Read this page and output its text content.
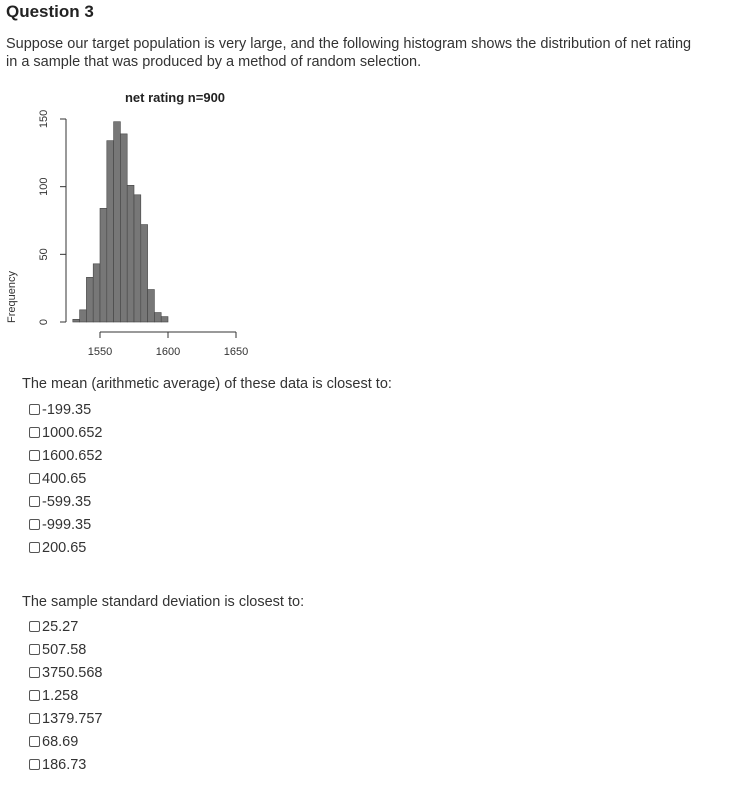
Question 3

Suppose our target population is very large, and the following histogram shows the distribution of net rating in a sample that was produced by a method of random selection.

net rating n=900
Frequency 0
50
100
150
1550	1600	1650

The mean (arithmetic average) of these data is closest to:

-199.35
1000.652
1600.652
400.65
-599.35
-999.35
200.65

The sample standard deviation is closest to:

25.27
507.58
3750.568
1.258
1379.757
68.69
186.73
